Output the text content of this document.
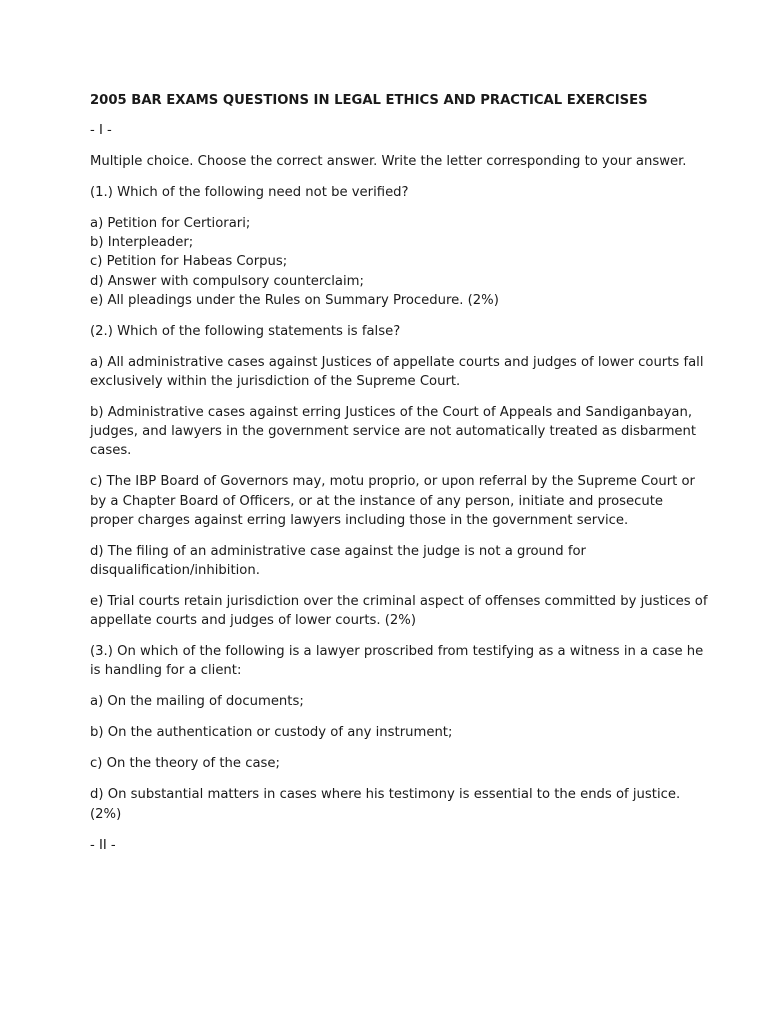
2005 BAR EXAMS QUESTIONS IN LEGAL ETHICS AND PRACTICAL EXERCISES

- I -

Multiple choice. Choose the correct answer. Write the letter corresponding to your answer.

(1.) Which of the following need not be verified?

a) Petition for Certiorari;
b) Interpleader;
c) Petition for Habeas Corpus;
d) Answer with compulsory counterclaim;
e) All pleadings under the Rules on Summary Procedure. (2%)

(2.) Which of the following statements is false?

a) All administrative cases against Justices of appellate courts and judges of lower courts fall exclusively within the jurisdiction of the Supreme Court.

b) Administrative cases against erring Justices of the Court of Appeals and Sandiganbayan, judges, and lawyers in the government service are not automatically treated as disbarment cases.

c) The IBP Board of Governors may, motu proprio, or upon referral by the Supreme Court or by a Chapter Board of Officers, or at the instance of any person, initiate and prosecute proper charges against erring lawyers including those in the government service.

d) The filing of an administrative case against the judge is not a ground for disqualification/inhibition.

e) Trial courts retain jurisdiction over the criminal aspect of offenses committed by justices of appellate courts and judges of lower courts. (2%)

(3.) On which of the following is a lawyer proscribed from testifying as a witness in a case he is handling for a client:

a) On the mailing of documents;

b) On the authentication or custody of any instrument;

c) On the theory of the case;

d) On substantial matters in cases where his testimony is essential to the ends of justice. (2%)

- II -
